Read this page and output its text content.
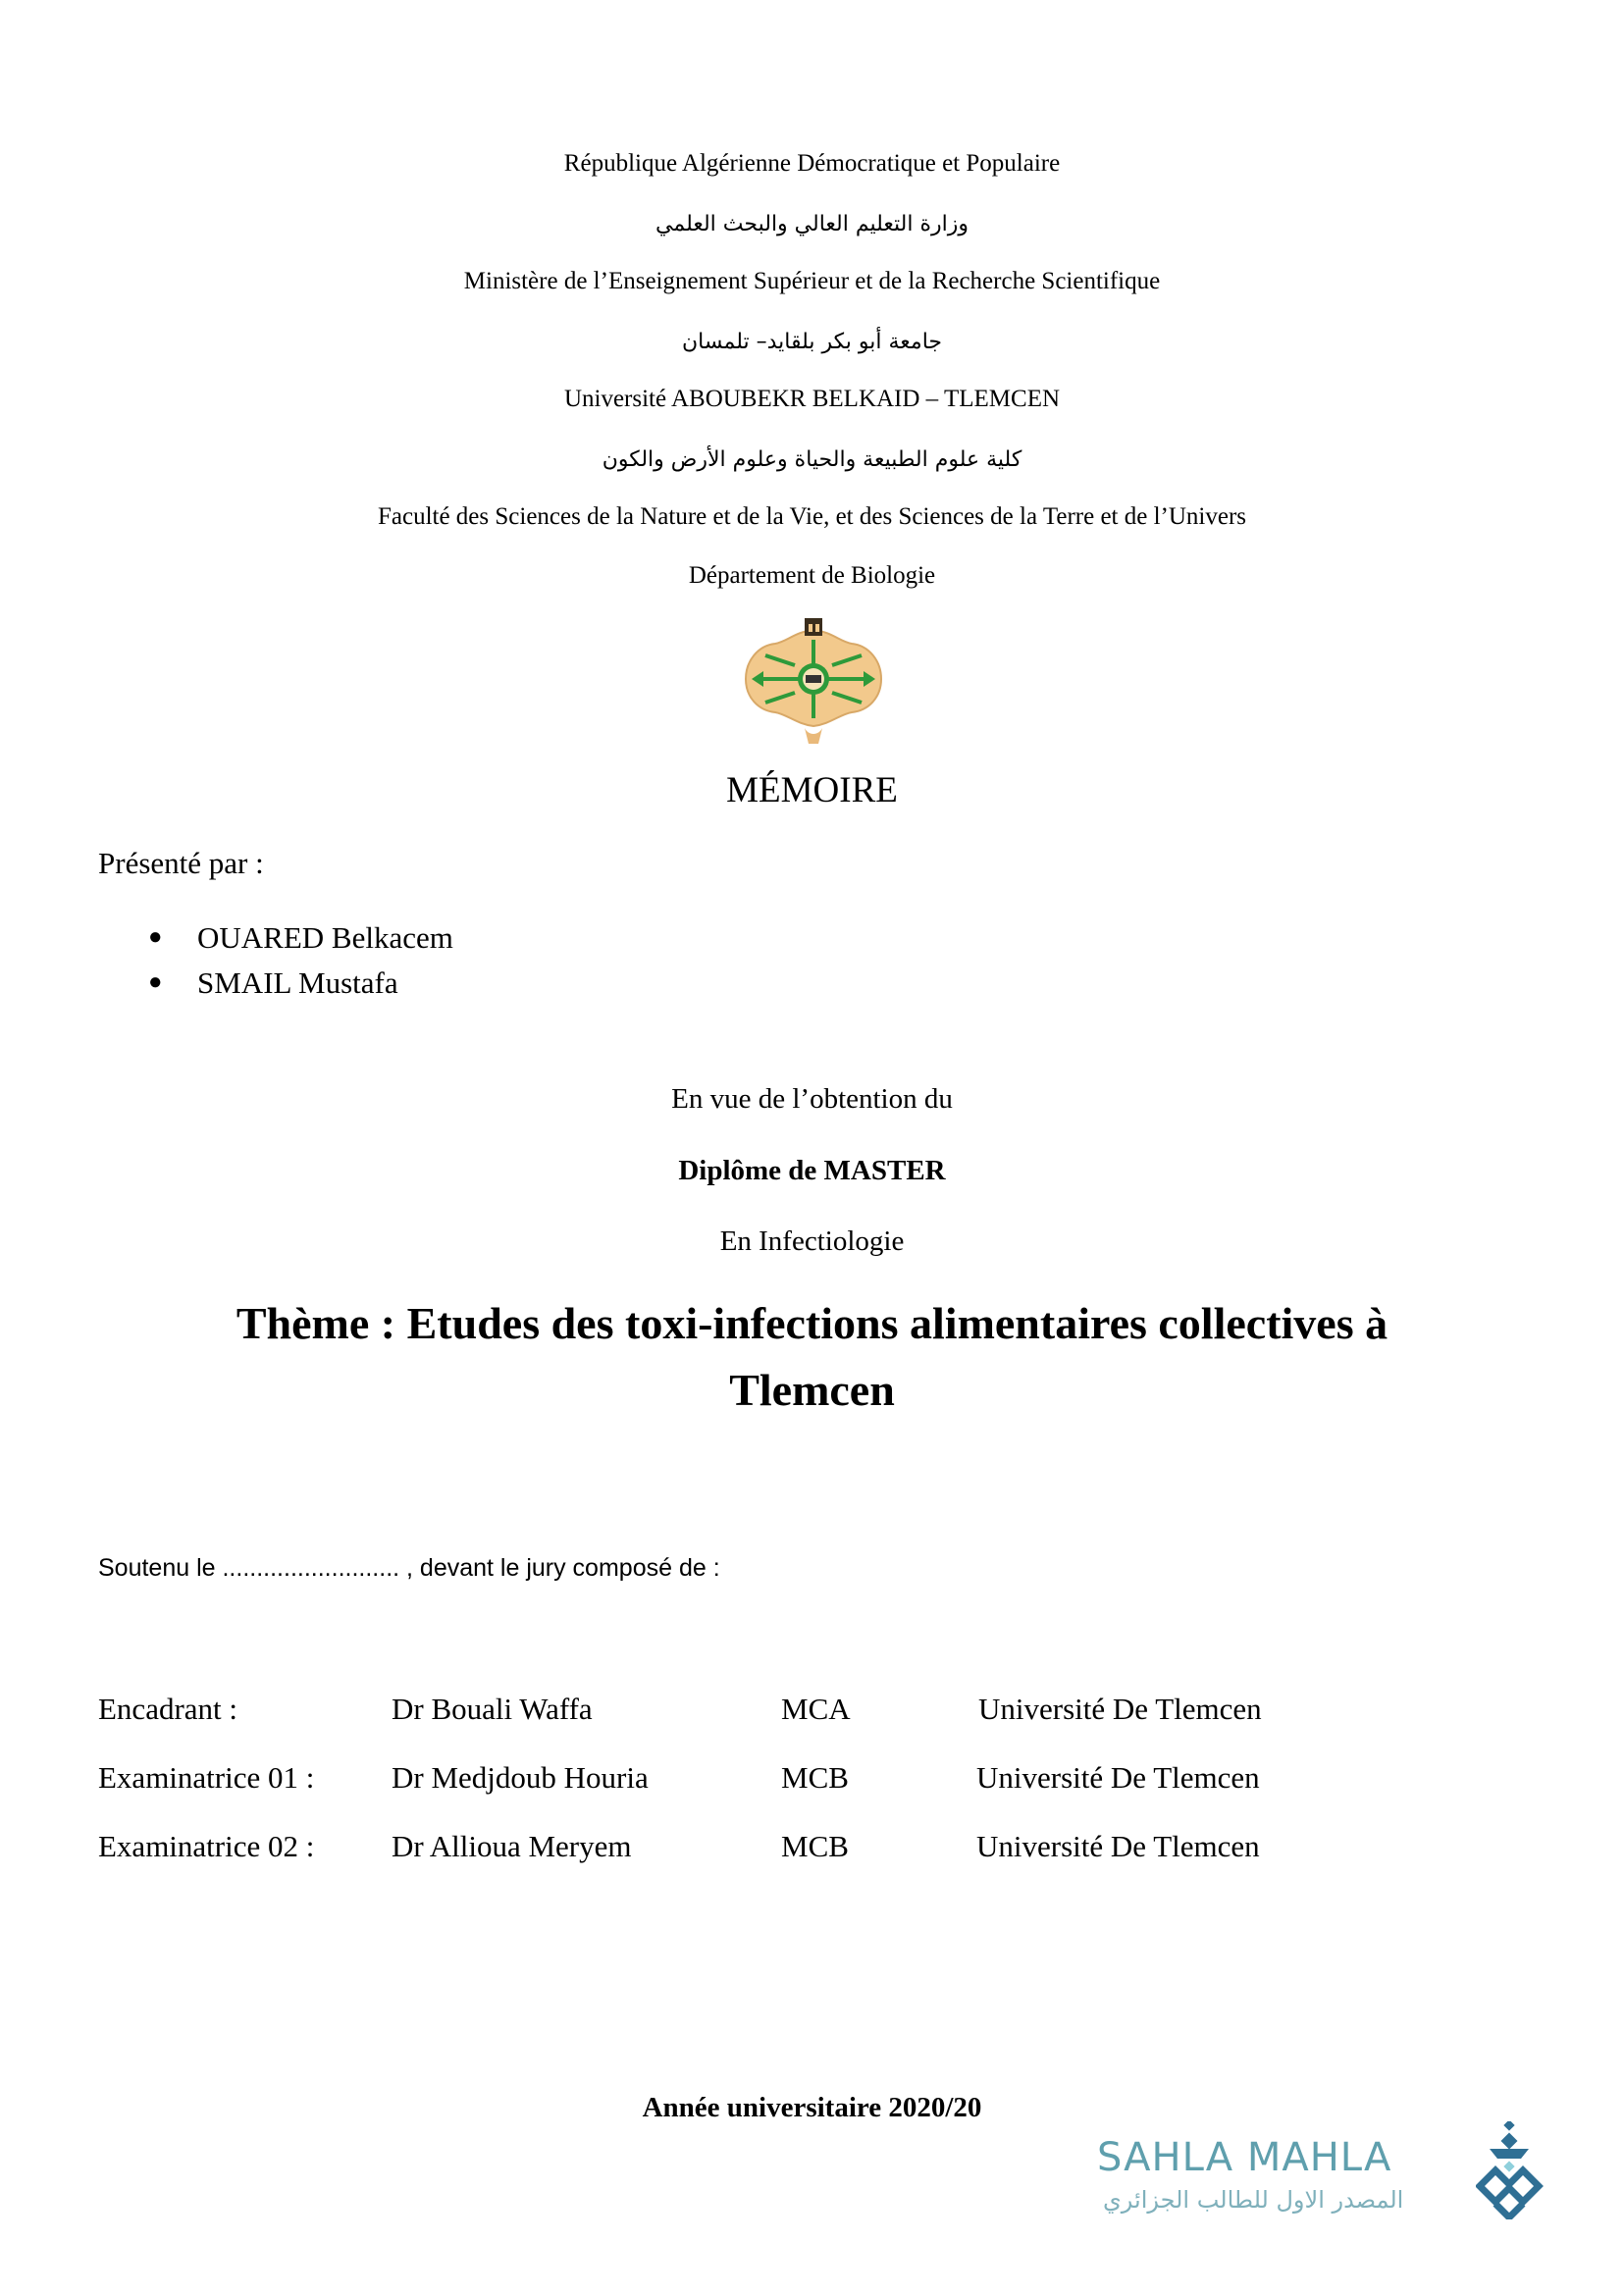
République Algérienne Démocratique et Populaire
وزارة التعليم العالي والبحث العلمي
Ministère de l’Enseignement Supérieur et de la Recherche Scientifique
جامعة أبو بكر بلقايد– تلمسان
Université ABOUBEKR BELKAID – TLEMCEN
كلية علوم الطبيعة والحياة وعلوم الأرض والكون
Faculté des Sciences de la Nature et de la Vie, et des Sciences de la Terre et de l’Univers
Département de Biologie
MÉMOIRE
Présenté par :
● OUARED Belkacem
● SMAIL Mustafa
En vue de l’obtention du
Diplôme de MASTER
En Infectiologie
Thème : Etudes des toxi-infections alimentaires collectives à
Tlemcen
Soutenu le .......................... , devant le jury composé de :
Encadrant :	Dr Bouali Waffa	MCA	Université De Tlemcen
Examinatrice 01 :	Dr Medjdoub Houria	MCB	Université De Tlemcen
Examinatrice 02 :	Dr Allioua Meryem	MCB	Université De Tlemcen
Année universitaire 2020/20
SAHLA MAHLA
المصدر الاول للطالب الجزائري
